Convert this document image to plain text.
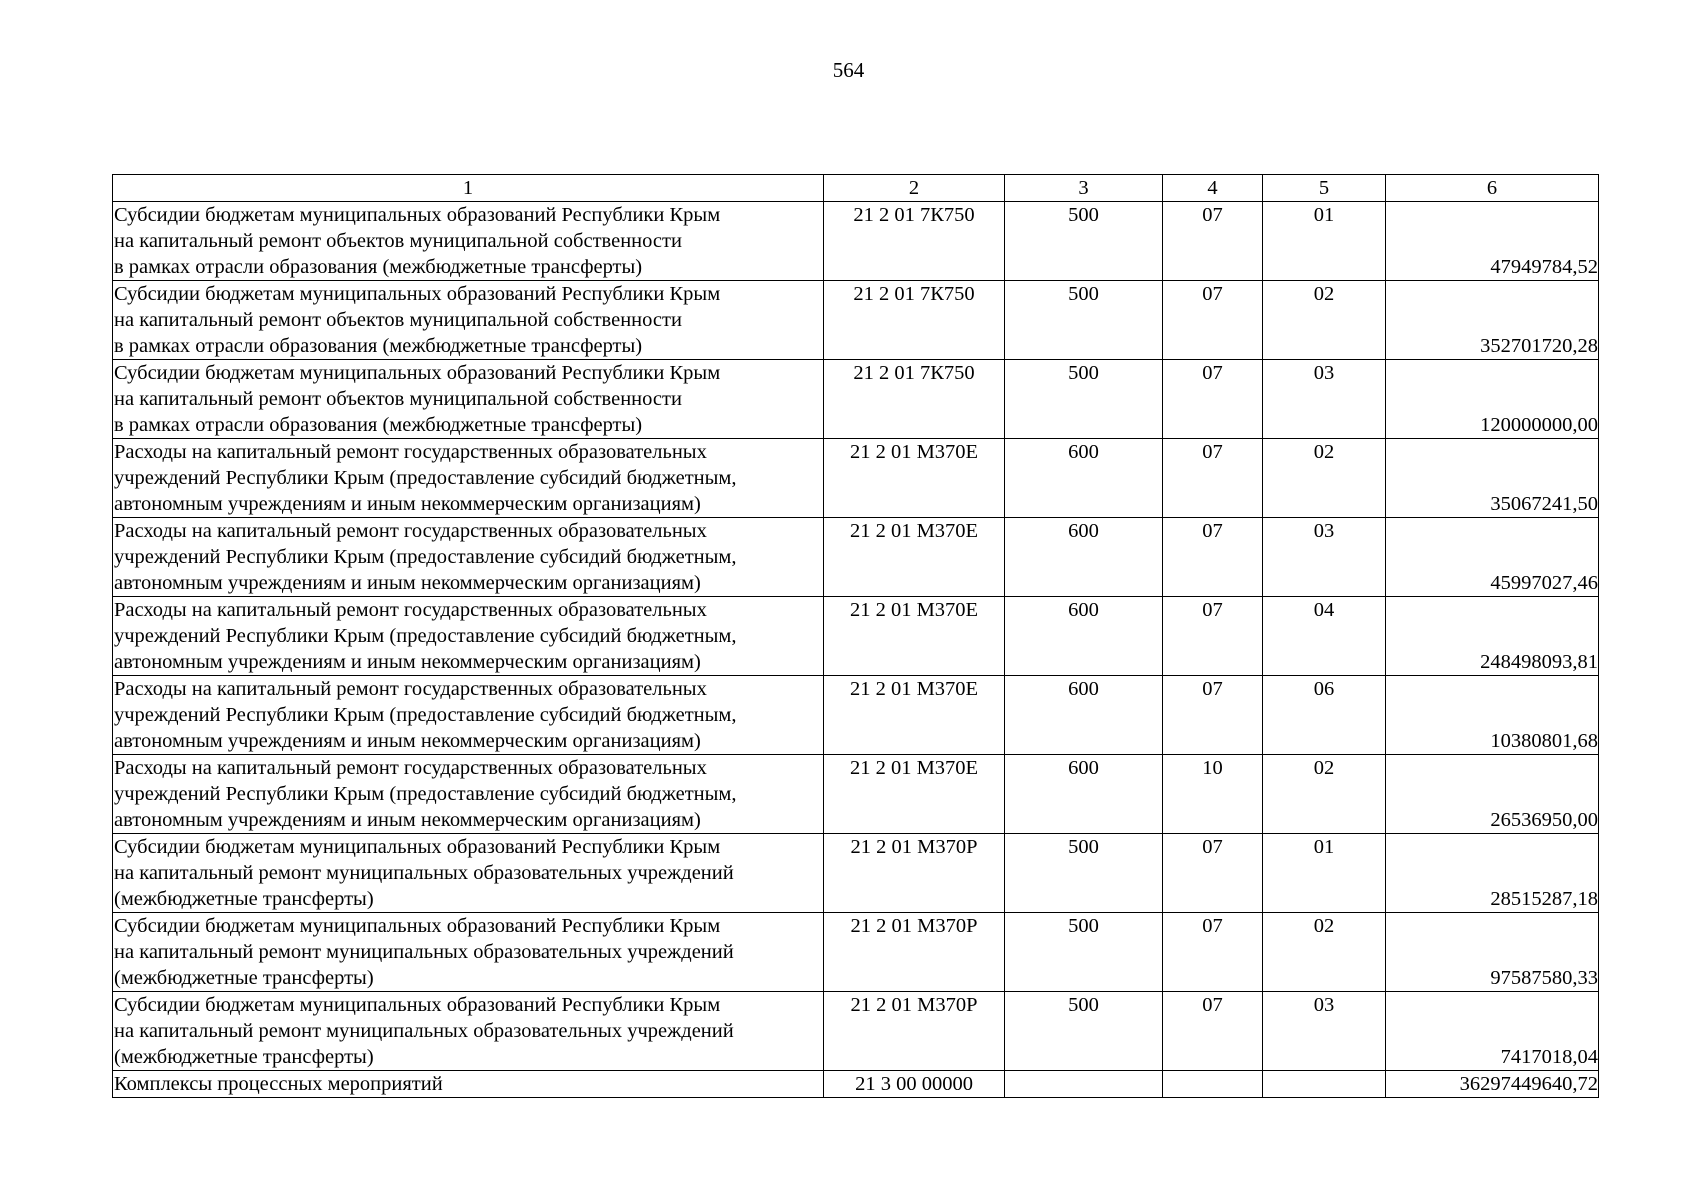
564
1	2	3	4	5	6
Субсидии бюджетам муниципальных образований Республики Крым
на капитальный ремонт объектов муниципальной собственности
в рамках отрасли образования (межбюджетные трансферты)	21 2 01 7К750	500	07	01	47949784,52
Субсидии бюджетам муниципальных образований Республики Крым
на капитальный ремонт объектов муниципальной собственности
в рамках отрасли образования (межбюджетные трансферты)	21 2 01 7К750	500	07	02	352701720,28
Субсидии бюджетам муниципальных образований Республики Крым
на капитальный ремонт объектов муниципальной собственности
в рамках отрасли образования (межбюджетные трансферты)	21 2 01 7К750	500	07	03	120000000,00
Расходы на капитальный ремонт государственных образовательных
учреждений Республики Крым (предоставление субсидий бюджетным,
автономным учреждениям и иным некоммерческим организациям)	21 2 01 М370Е	600	07	02	35067241,50
Расходы на капитальный ремонт государственных образовательных
учреждений Республики Крым (предоставление субсидий бюджетным,
автономным учреждениям и иным некоммерческим организациям)	21 2 01 М370Е	600	07	03	45997027,46
Расходы на капитальный ремонт государственных образовательных
учреждений Республики Крым (предоставление субсидий бюджетным,
автономным учреждениям и иным некоммерческим организациям)	21 2 01 М370Е	600	07	04	248498093,81
Расходы на капитальный ремонт государственных образовательных
учреждений Республики Крым (предоставление субсидий бюджетным,
автономным учреждениям и иным некоммерческим организациям)	21 2 01 М370Е	600	07	06	10380801,68
Расходы на капитальный ремонт государственных образовательных
учреждений Республики Крым (предоставление субсидий бюджетным,
автономным учреждениям и иным некоммерческим организациям)	21 2 01 М370Е	600	10	02	26536950,00
Субсидии бюджетам муниципальных образований Республики Крым
на капитальный ремонт муниципальных образовательных учреждений
(межбюджетные трансферты)	21 2 01 М370Р	500	07	01	28515287,18
Субсидии бюджетам муниципальных образований Республики Крым
на капитальный ремонт муниципальных образовательных учреждений
(межбюджетные трансферты)	21 2 01 М370Р	500	07	02	97587580,33
Субсидии бюджетам муниципальных образований Республики Крым
на капитальный ремонт муниципальных образовательных учреждений
(межбюджетные трансферты)	21 2 01 М370Р	500	07	03	7417018,04
Комплексы процессных мероприятий	21 3 00 00000				36297449640,72
